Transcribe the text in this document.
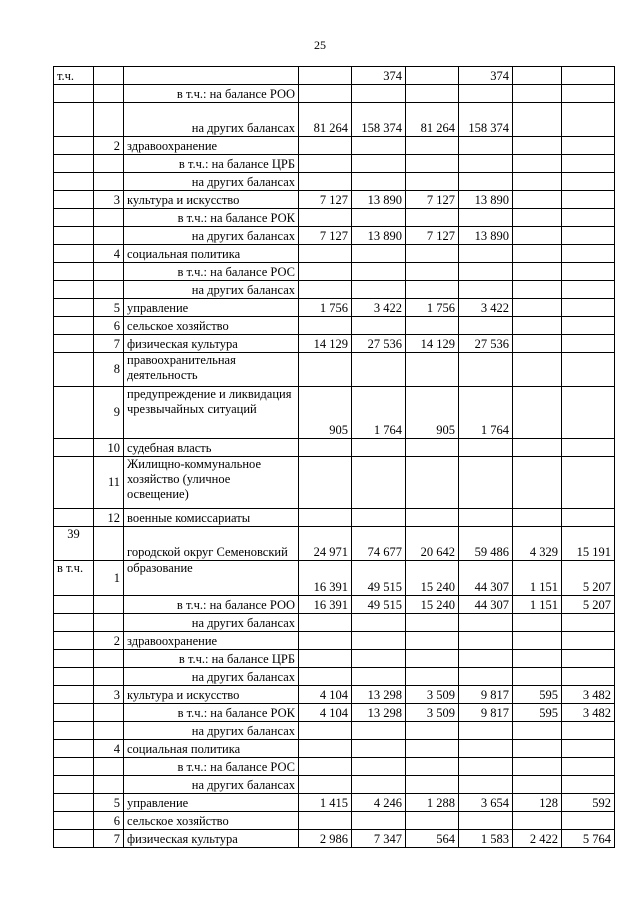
25
т.ч.				374		374		
		в т.ч.: на балансе РОО						
		на других балансах	81 264	158 374	81 264	158 374		
	2	здравоохранение						
		в т.ч.: на балансе ЦРБ						
		на других балансах						
	3	культура и искусство	7 127	13 890	7 127	13 890		
		в т.ч.: на балансе РОК						
		на других балансах	7 127	13 890	7 127	13 890		
	4	социальная политика						
		в т.ч.: на балансе РОС						
		на других балансах						
	5	управление	1 756	3 422	1 756	3 422		
	6	сельское хозяйство						
	7	физическая культура	14 129	27 536	14 129	27 536		
	8	правоохранительная деятельность						
	9	предупреждение и ликвидация чрезвычайных ситуаций	905	1 764	905	1 764		
	10	судебная власть						
	11	Жилищно-коммунальное хозяйство (уличное освещение)						
	12	военные комиссариаты						
39		городской округ Семеновский	24 971	74 677	20 642	59 486	4 329	15 191
в т.ч.	1	образование	16 391	49 515	15 240	44 307	1 151	5 207
		в т.ч.: на балансе РОО	16 391	49 515	15 240	44 307	1 151	5 207
		на других балансах						
	2	здравоохранение						
		в т.ч.: на балансе ЦРБ						
		на других балансах						
	3	культура и искусство	4 104	13 298	3 509	9 817	595	3 482
		в т.ч.: на балансе РОК	4 104	13 298	3 509	9 817	595	3 482
		на других балансах						
	4	социальная политика						
		в т.ч.: на балансе РОС						
		на других балансах						
	5	управление	1 415	4 246	1 288	3 654	128	592
	6	сельское хозяйство						
	7	физическая культура	2 986	7 347	564	1 583	2 422	5 764
